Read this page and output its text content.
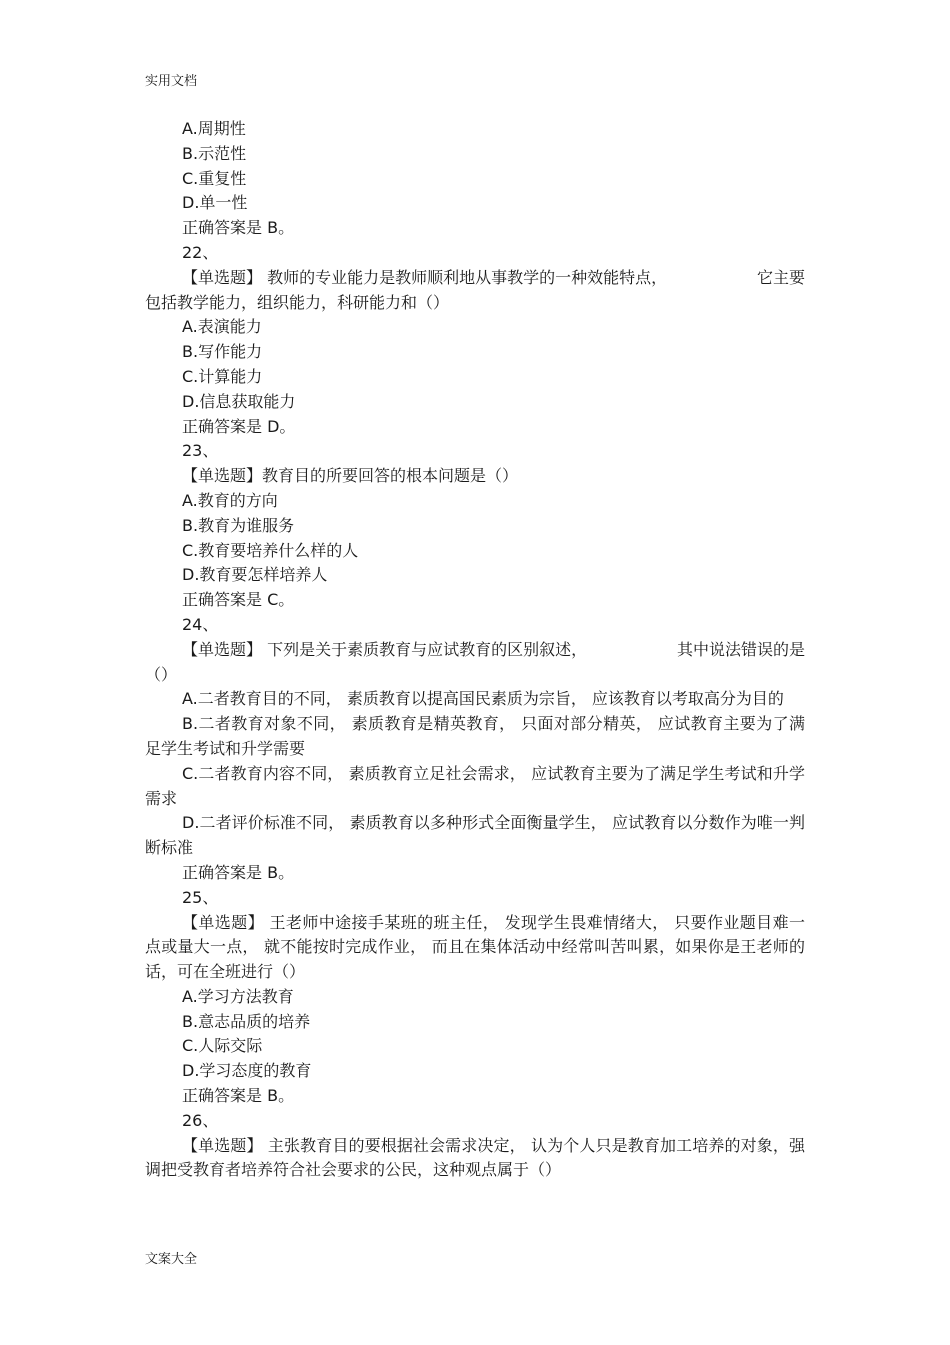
实用文档
A.周期性
B.示范性
C.重复性
D.单一性
正确答案是 B。
22、
【单选题】 教师的专业能力是教师顺利地从事教学的一种效能特点，	它主要
包括教学能力，组织能力，科研能力和（）
A.表演能力
B.写作能力
C.计算能力
D.信息获取能力
正确答案是 D。
23、
【单选题】教育目的所要回答的根本问题是（）
A.教育的方向
B.教育为谁服务
C.教育要培养什么样的人
D.教育要怎样培养人
正确答案是 C。
24、
【单选题】 下列是关于素质教育与应试教育的区别叙述，	其中说法错误的是
（）
A.二者教育目的不同， 素质教育以提高国民素质为宗旨， 应该教育以考取高分为目的
B.二者教育对象不同， 素质教育是精英教育， 只面对部分精英， 应试教育主要为了满足学生考试和升学需要
C.二者教育内容不同， 素质教育立足社会需求， 应试教育主要为了满足学生考试和升学需求
D.二者评价标准不同， 素质教育以多种形式全面衡量学生， 应试教育以分数作为唯一判断标准
正确答案是 B。
25、
【单选题】 王老师中途接手某班的班主任， 发现学生畏难情绪大， 只要作业题目难一点或量大一点， 就不能按时完成作业， 而且在集体活动中经常叫苦叫累，如果你是王老师的话，可在全班进行（）
A.学习方法教育
B.意志品质的培养
C.人际交际
D.学习态度的教育
正确答案是 B。
26、
【单选题】 主张教育目的要根据社会需求决定， 认为个人只是教育加工培养的对象，强调把受教育者培养符合社会要求的公民，这种观点属于（）
文案大全
